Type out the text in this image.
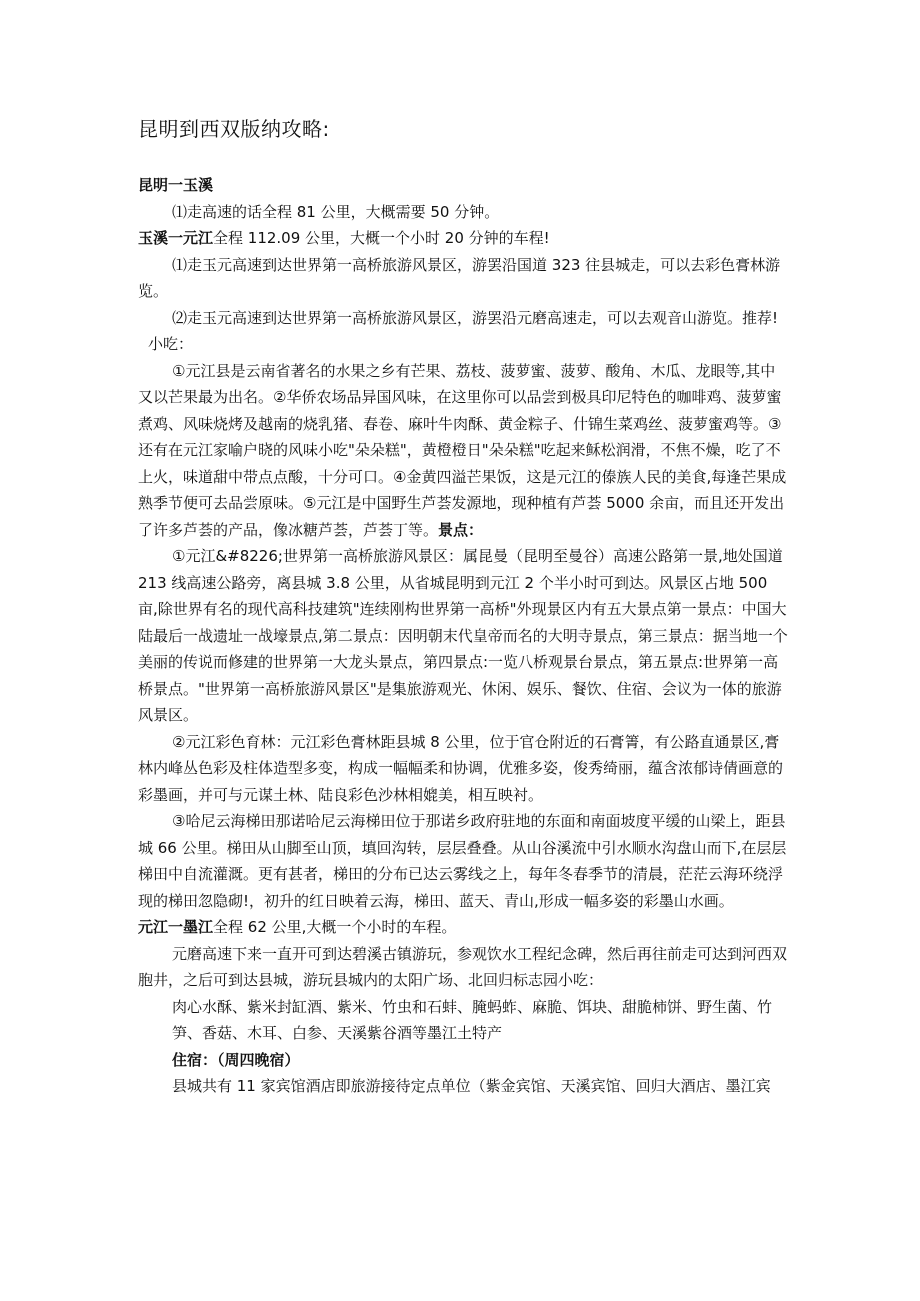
昆明到西双版纳攻略:

昆明一玉溪

⑴走高速的话全程 81 公里，大概需要 50 分钟。

玉溪一元江全程 112.09 公里，大概一个小时 20 分钟的车程!

⑴走玉元高速到达世界第一高桥旅游风景区，游罢沿国道 323 往县城走，可以去彩色膏林游览。

⑵走玉元高速到达世界第一高桥旅游风景区，游罢沿元磨高速走，可以去观音山游览。推荐!

小吃：

①元江县是云南省著名的水果之乡有芒果、荔枝、菠萝蜜、菠萝、酸角、木瓜、龙眼等,其中又以芒果最为出名。②华侨农场品异国风味，在这里你可以品尝到极具印尼特色的咖啡鸡、菠萝蜜煮鸡、风味烧烤及越南的烧乳猪、春卷、麻叶牛肉酥、黄金粽子、什锦生菜鸡丝、菠萝蜜鸡等。③还有在元江家喻户晓的风味小吃"朵朵糕"，黄橙橙日"朵朵糕"吃起来稣松润滑，不焦不燥，吃了不上火，味道甜中带点点酸，十分可口。④金黄四溢芒果饭，这是元江的傣族人民的美食,每逢芒果成熟季节便可去品尝原味。⑤元江是中国野生芦荟发源地，现种植有芦荟 5000 余亩，而且还开发出了许多芦荟的产品，像冰糖芦荟，芦荟丁等。景点：

①元江&#8226;世界第一高桥旅游风景区：属昆曼（昆明至曼谷）高速公路第一景,地处国道 213 线高速公路旁，离县城 3.8 公里，从省城昆明到元江 2 个半小时可到达。风景区占地 500 亩,除世界有名的现代高科技建筑"连续刚构世界第一高桥"外现景区内有五大景点第一景点：中国大陆最后一战遗址一战壕景点,第二景点：因明朝末代皇帝而名的大明寺景点，第三景点：据当地一个美丽的传说而修建的世界第一大龙头景点，第四景点:一览八桥观景台景点，第五景点:世界第一高桥景点。"世界第一高桥旅游风景区"是集旅游观光、休闲、娱乐、餐饮、住宿、会议为一体的旅游风景区。

②元江彩色育林：元江彩色膏林距县城 8 公里，位于官仓附近的石膏箐，有公路直通景区,膏林内峰丛色彩及柱体造型多变，构成一幅幅柔和协调，优雅多姿，俊秀绮丽，蕴含浓郁诗倩画意的彩墨画，并可与元谋土林、陆良彩色沙林相媲美，相互映衬。

③哈尼云海梯田那诺哈尼云海梯田位于那诺乡政府驻地的东面和南面坡度平缓的山梁上，距县城 66 公里。梯田从山脚至山顶，填回沟转，层层叠叠。从山谷溪流中引水顺水沟盘山而下,在层层梯田中自流灌溉。更有甚者，梯田的分布已达云雾线之上，每年冬春季节的清晨，茫茫云海环绕浮现的梯田忽隐砌!，初升的红日映着云海，梯田、蓝天、青山,形成一幅多姿的彩墨山水画。

元江一墨江全程 62 公里,大概一个小时的车程。

元磨高速下来一直开可到达碧溪古镇游玩，参观饮水工程纪念碑，然后再往前走可达到河西双胞井，之后可到达县城，游玩县城内的太阳广场、北回归标志园小吃：

肉心水酥、紫米封缸酒、紫米、竹虫和石蚌、腌蚂蚱、麻脆、饵块、甜脆柿饼、野生菌、竹笋、香菇、木耳、白参、天溪紫谷酒等墨江土特产

住宿：（周四晚宿）

县城共有 11 家宾馆酒店即旅游接待定点单位（紫金宾馆、天溪宾馆、回归大酒店、墨江宾
